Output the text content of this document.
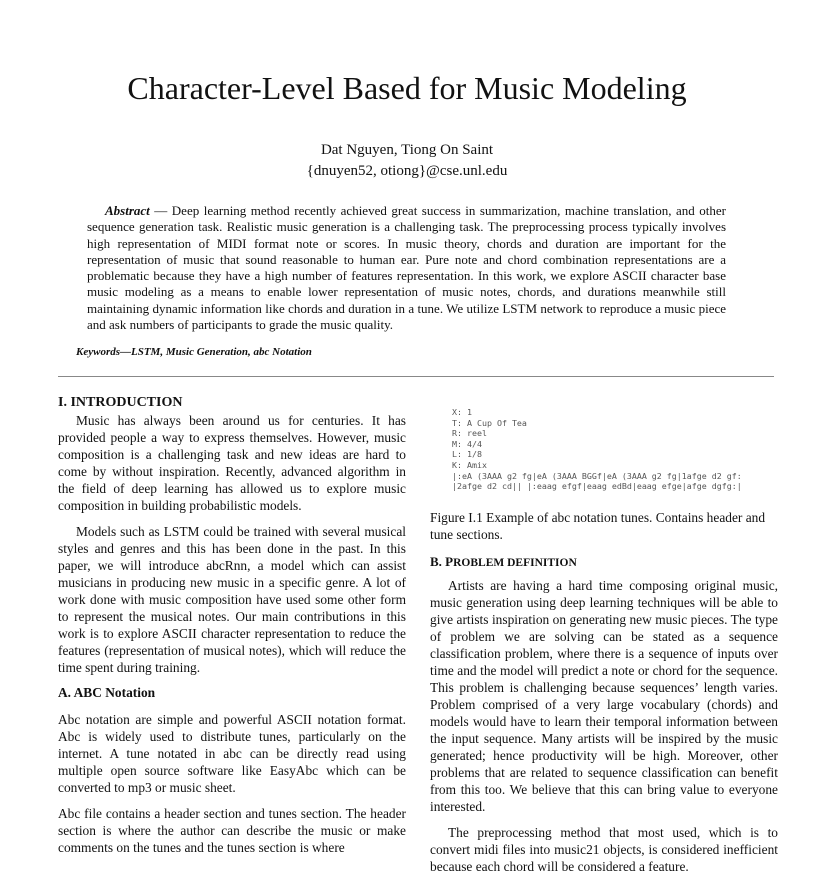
Character-Level Based for Music Modeling
Dat Nguyen, Tiong On Saint
{dnuyen52, otiong}@cse.unl.edu
Abstract — Deep learning method recently achieved great success in summarization, machine translation, and other sequence generation task. Realistic music generation is a challenging task. The preprocessing process typically involves high representation of MIDI format note or scores. In music theory, chords and duration are important for the representation of music that sound reasonable to human ear. Pure note and chord combination representations are a problematic because they have a high number of features representation. In this work, we explore ASCII character base music modeling as a means to enable lower representation of music notes, chords, and durations meanwhile still maintaining dynamic information like chords and duration in a tune. We utilize LSTM network to reproduce a music piece and ask numbers of participants to grade the music quality.
Keywords—LSTM, Music Generation, abc Notation
I. INTRODUCTION

Music has always been around us for centuries. It has provided people a way to express themselves. However, music composition is a challenging task and new ideas are hard to come by without inspiration. Recently, advanced algorithm in the field of deep learning has allowed us to explore music composition in building probabilistic models.

Models such as LSTM could be trained with several musical styles and genres and this has been done in the past. In this paper, we will introduce abcRnn, a model which can assist musicians in producing new music in a specific genre. A lot of work done with music composition have used some other form to represent the musical notes. Our main contributions in this work is to explore ASCII character representation to reduce the features (representation of musical notes), which will reduce the time spent during training.

A. ABC Notation

Abc notation are simple and powerful ASCII notation format. Abc is widely used to distribute tunes, particularly on the internet. A tune notated in abc can be directly read using multiple open source software like EasyAbc which can be converted to mp3 or music sheet.

Abc file contains a header section and tunes section. The header section is where the author can describe the music or make comments on the tunes and the tunes section is where

X: 1
T: A Cup Of Tea
R: reel
M: 4/4
L: 1/8
K: Amix
|:eA (3AAA g2 fg|eA (3AAA BGGf|eA (3AAA g2 fg|1afge d2 gf:
|2afge d2 cd|| |:eaag efgf|eaag edBd|eaag efge|afge dgfg:|
Figure I.1 Example of abc notation tunes. Contains header and tune sections.
B. PROBLEM DEFINITION

Artists are having a hard time composing original music, music generation using deep learning techniques will be able to give artists inspiration on generating new music pieces. The type of problem we are solving can be stated as a sequence classification problem, where there is a sequence of inputs over time and the model will predict a note or chord for the sequence. This problem is challenging because sequences’ length varies. Problem comprised of a very large vocabulary (chords) and models would have to learn their temporal information between the input sequence. Many artists will be inspired by the music generated; hence productivity will be high. Moreover, other problems that are related to sequence classification can benefit from this too. We believe that this can bring value to everyone interested.

The preprocessing method that most used, which is to convert midi files into music21 objects, is considered inefficient because each chord will be considered a feature.
